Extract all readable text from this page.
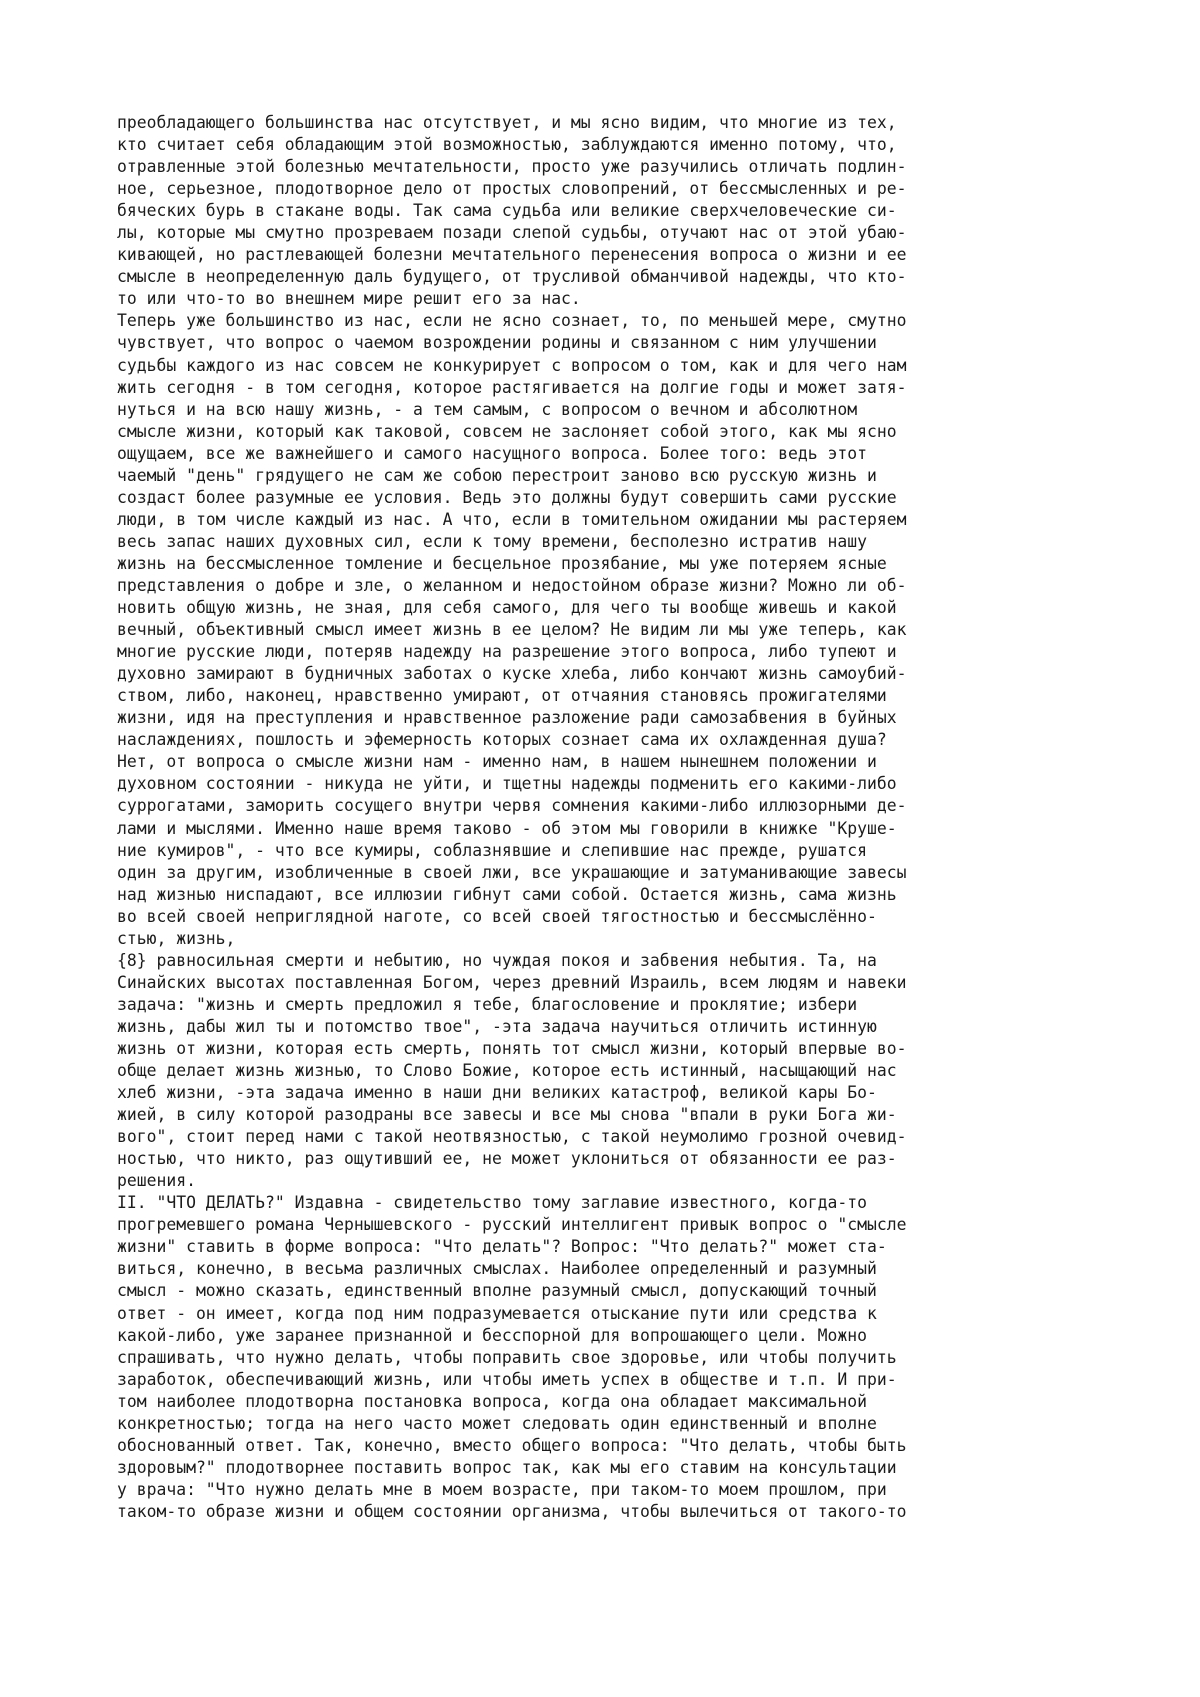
преобладающего большинства нас отсутствует, и мы ясно видим, что многие из тех,
кто считает себя обладающим этой возможностью, заблуждаются именно потому, что,
отравленные этой болезнью мечтательности, просто уже разучились отличать подлин-
ное, серьезное, плодотворное дело от простых словопрений, от бессмысленных и ре-
бяческих бурь в стакане воды. Так сама судьба или великие сверхчеловеческие си-
лы, которые мы смутно прозреваем позади слепой судьбы, отучают нас от этой убаю-
кивающей, но растлевающей болезни мечтательного перенесения вопроса о жизни и ее
смысле в неопределенную даль будущего, от трусливой обманчивой надежды, что кто-
то или что-то во внешнем мире решит его за нас.
Теперь уже большинство из нас, если не ясно сознает, то, по меньшей мере, смутно
чувствует, что вопрос о чаемом возрождении родины и связанном с ним улучшении
судьбы каждого из нас совсем не конкурирует с вопросом о том, как и для чего нам
жить сегодня - в том сегодня, которое растягивается на долгие годы и может затя-
нуться и на всю нашу жизнь, - а тем самым, с вопросом о вечном и абсолютном
смысле жизни, который как таковой, совсем не заслоняет собой этого, как мы ясно
ощущаем, все же важнейшего и самого насущного вопроса. Более того: ведь этот
чаемый "день" грядущего не сам же собою перестроит заново всю русскую жизнь и
создаст более разумные ее условия. Ведь это должны будут совершить сами русские
люди, в том числе каждый из нас. А что, если в томительном ожидании мы растеряем
весь запас наших духовных сил, если к тому времени, бесполезно истратив нашу
жизнь на бессмысленное томление и бесцельное прозябание, мы уже потеряем ясные
представления о добре и зле, о желанном и недостойном образе жизни? Можно ли об-
новить общую жизнь, не зная, для себя самого, для чего ты вообще живешь и какой
вечный, объективный смысл имеет жизнь в ее целом? Не видим ли мы уже теперь, как
многие русские люди, потеряв надежду на разрешение этого вопроса, либо тупеют и
духовно замирают в будничных заботах о куске хлеба, либо кончают жизнь самоубий-
ством, либо, наконец, нравственно умирают, от отчаяния становясь прожигателями
жизни, идя на преступления и нравственное разложение ради самозабвения в буйных
наслаждениях, пошлость и эфемерность которых сознает сама их охлажденная душа?
Нет, от вопроса о смысле жизни нам - именно нам, в нашем нынешнем положении и
духовном состоянии - никуда не уйти, и тщетны надежды подменить его какими-либо
суррогатами, заморить сосущего внутри червя сомнения какими-либо иллюзорными де-
лами и мыслями. Именно наше время таково - об этом мы говорили в книжке "Круше-
ние кумиров", - что все кумиры, соблазнявшие и слепившие нас прежде, рушатся
один за другим, изобличенные в своей лжи, все украшающие и затуманивающие завесы
над жизнью ниспадают, все иллюзии гибнут сами собой. Остается жизнь, сама жизнь
во всей своей неприглядной наготе, со всей своей тягостностью и бессмыслённо-
стью, жизнь,
{8} равносильная смерти и небытию, но чуждая покоя и забвения небытия. Та, на
Синайских высотах поставленная Богом, через древний Израиль, всем людям и навеки
задача: "жизнь и смерть предложил я тебе, благословение и проклятие; избери
жизнь, дабы жил ты и потомство твое", -эта задача научиться отличить истинную
жизнь от жизни, которая есть смерть, понять тот смысл жизни, который впервые во-
обще делает жизнь жизнью, то Слово Божие, которое есть истинный, насыщающий нас
хлеб жизни, -эта задача именно в наши дни великих катастроф, великой кары Бо-
жией, в силу которой разодраны все завесы и все мы снова "впали в руки Бога жи-
вого", стоит перед нами с такой неотвязностью, с такой неумолимо грозной очевид-
ностью, что никто, раз ощутивший ее, не может уклониться от обязанности ее раз-
решения.
II. "ЧТО ДЕЛАТЬ?" Издавна - свидетельство тому заглавие известного, когда-то
прогремевшего романа Чернышевского - русский интеллигент привык вопрос о "смысле
жизни" ставить в форме вопроса: "Что делать"? Вопрос: "Что делать?" может ста-
виться, конечно, в весьма различных смыслах. Наиболее определенный и разумный
смысл - можно сказать, единственный вполне разумный смысл, допускающий точный
ответ - он имеет, когда под ним подразумевается отыскание пути или средства к
какой-либо, уже заранее признанной и бесспорной для вопрошающего цели. Можно
спрашивать, что нужно делать, чтобы поправить свое здоровье, или чтобы получить
заработок, обеспечивающий жизнь, или чтобы иметь успех в обществе и т.п. И при-
том наиболее плодотворна постановка вопроса, когда она обладает максимальной
конкретностью; тогда на него часто может следовать один единственный и вполне
обоснованный ответ. Так, конечно, вместо общего вопроса: "Что делать, чтобы быть
здоровым?" плодотворнее поставить вопрос так, как мы его ставим на консультации
у врача: "Что нужно делать мне в моем возрасте, при таком-то моем прошлом, при
таком-то образе жизни и общем состоянии организма, чтобы вылечиться от такого-то
